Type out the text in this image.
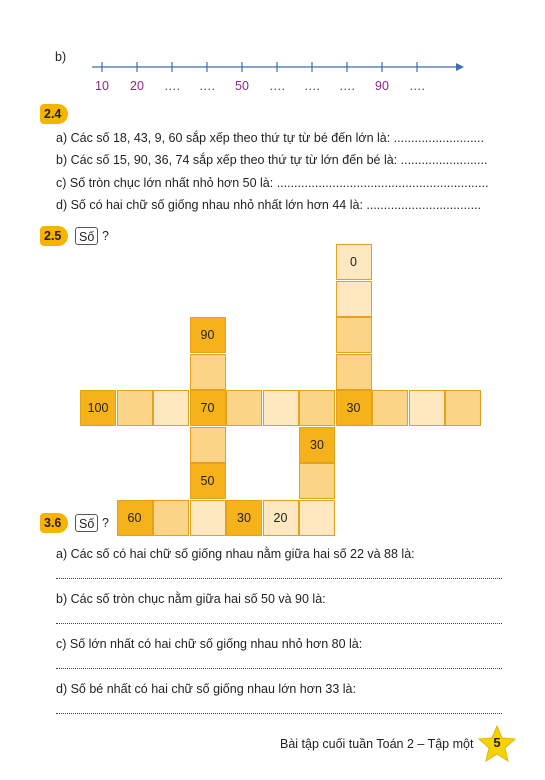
b)
10	20	….	….	50	….	….	….	90	….
2.4
a) Các số 18, 43, 9, 60 sắp xếp theo thứ tự từ bé đến lớn là: ..........................
b) Các số 15, 90, 36, 74 sắp xếp theo thứ tự từ lớn đến bé là: .........................
c) Số tròn chục lớn nhất nhỏ hơn 50 là: .............................................................
d) Số có hai chữ số giống nhau nhỏ nhất lớn hơn 44 là: .................................
2.5	Số ?
0
90
100	70	30
30
50
60	30	20
3.6	Số ?
a) Các số có hai chữ số giống nhau nằm giữa hai số 22 và 88 là:
b) Các số tròn chục nằm giữa hai số 50 và 90 là:
c) Số lớn nhất có hai chữ số giống nhau nhỏ hơn 80 là:
d) Số bé nhất có hai chữ số giống nhau lớn hơn 33 là:
Bài tập cuối tuần Toán 2 – Tập một	5
